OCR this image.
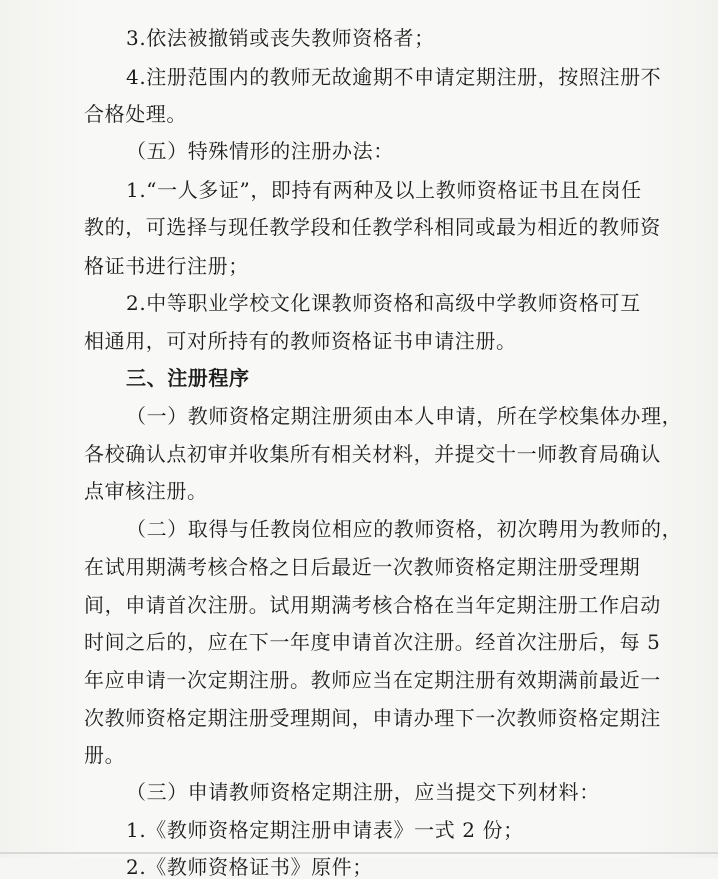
3.依法被撤销或丧失教师资格者；
4.注册范围内的教师无故逾期不申请定期注册，按照注册不
合格处理。
（五）特殊情形的注册办法：
1.“一人多证”，即持有两种及以上教师资格证书且在岗任
教的，可选择与现任教学段和任教学科相同或最为相近的教师资
格证书进行注册；
2.中等职业学校文化课教师资格和高级中学教师资格可互
相通用，可对所持有的教师资格证书申请注册。
三、注册程序
（一）教师资格定期注册须由本人申请，所在学校集体办理，
各校确认点初审并收集所有相关材料，并提交十一师教育局确认
点审核注册。
（二）取得与任教岗位相应的教师资格，初次聘用为教师的，
在试用期满考核合格之日后最近一次教师资格定期注册受理期
间，申请首次注册。试用期满考核合格在当年定期注册工作启动
时间之后的，应在下一年度申请首次注册。经首次注册后，每 5
年应申请一次定期注册。教师应当在定期注册有效期满前最近一
次教师资格定期注册受理期间，申请办理下一次教师资格定期注
册。
（三）申请教师资格定期注册，应当提交下列材料：
1.《教师资格定期注册申请表》一式 2 份；
2.《教师资格证书》原件；
